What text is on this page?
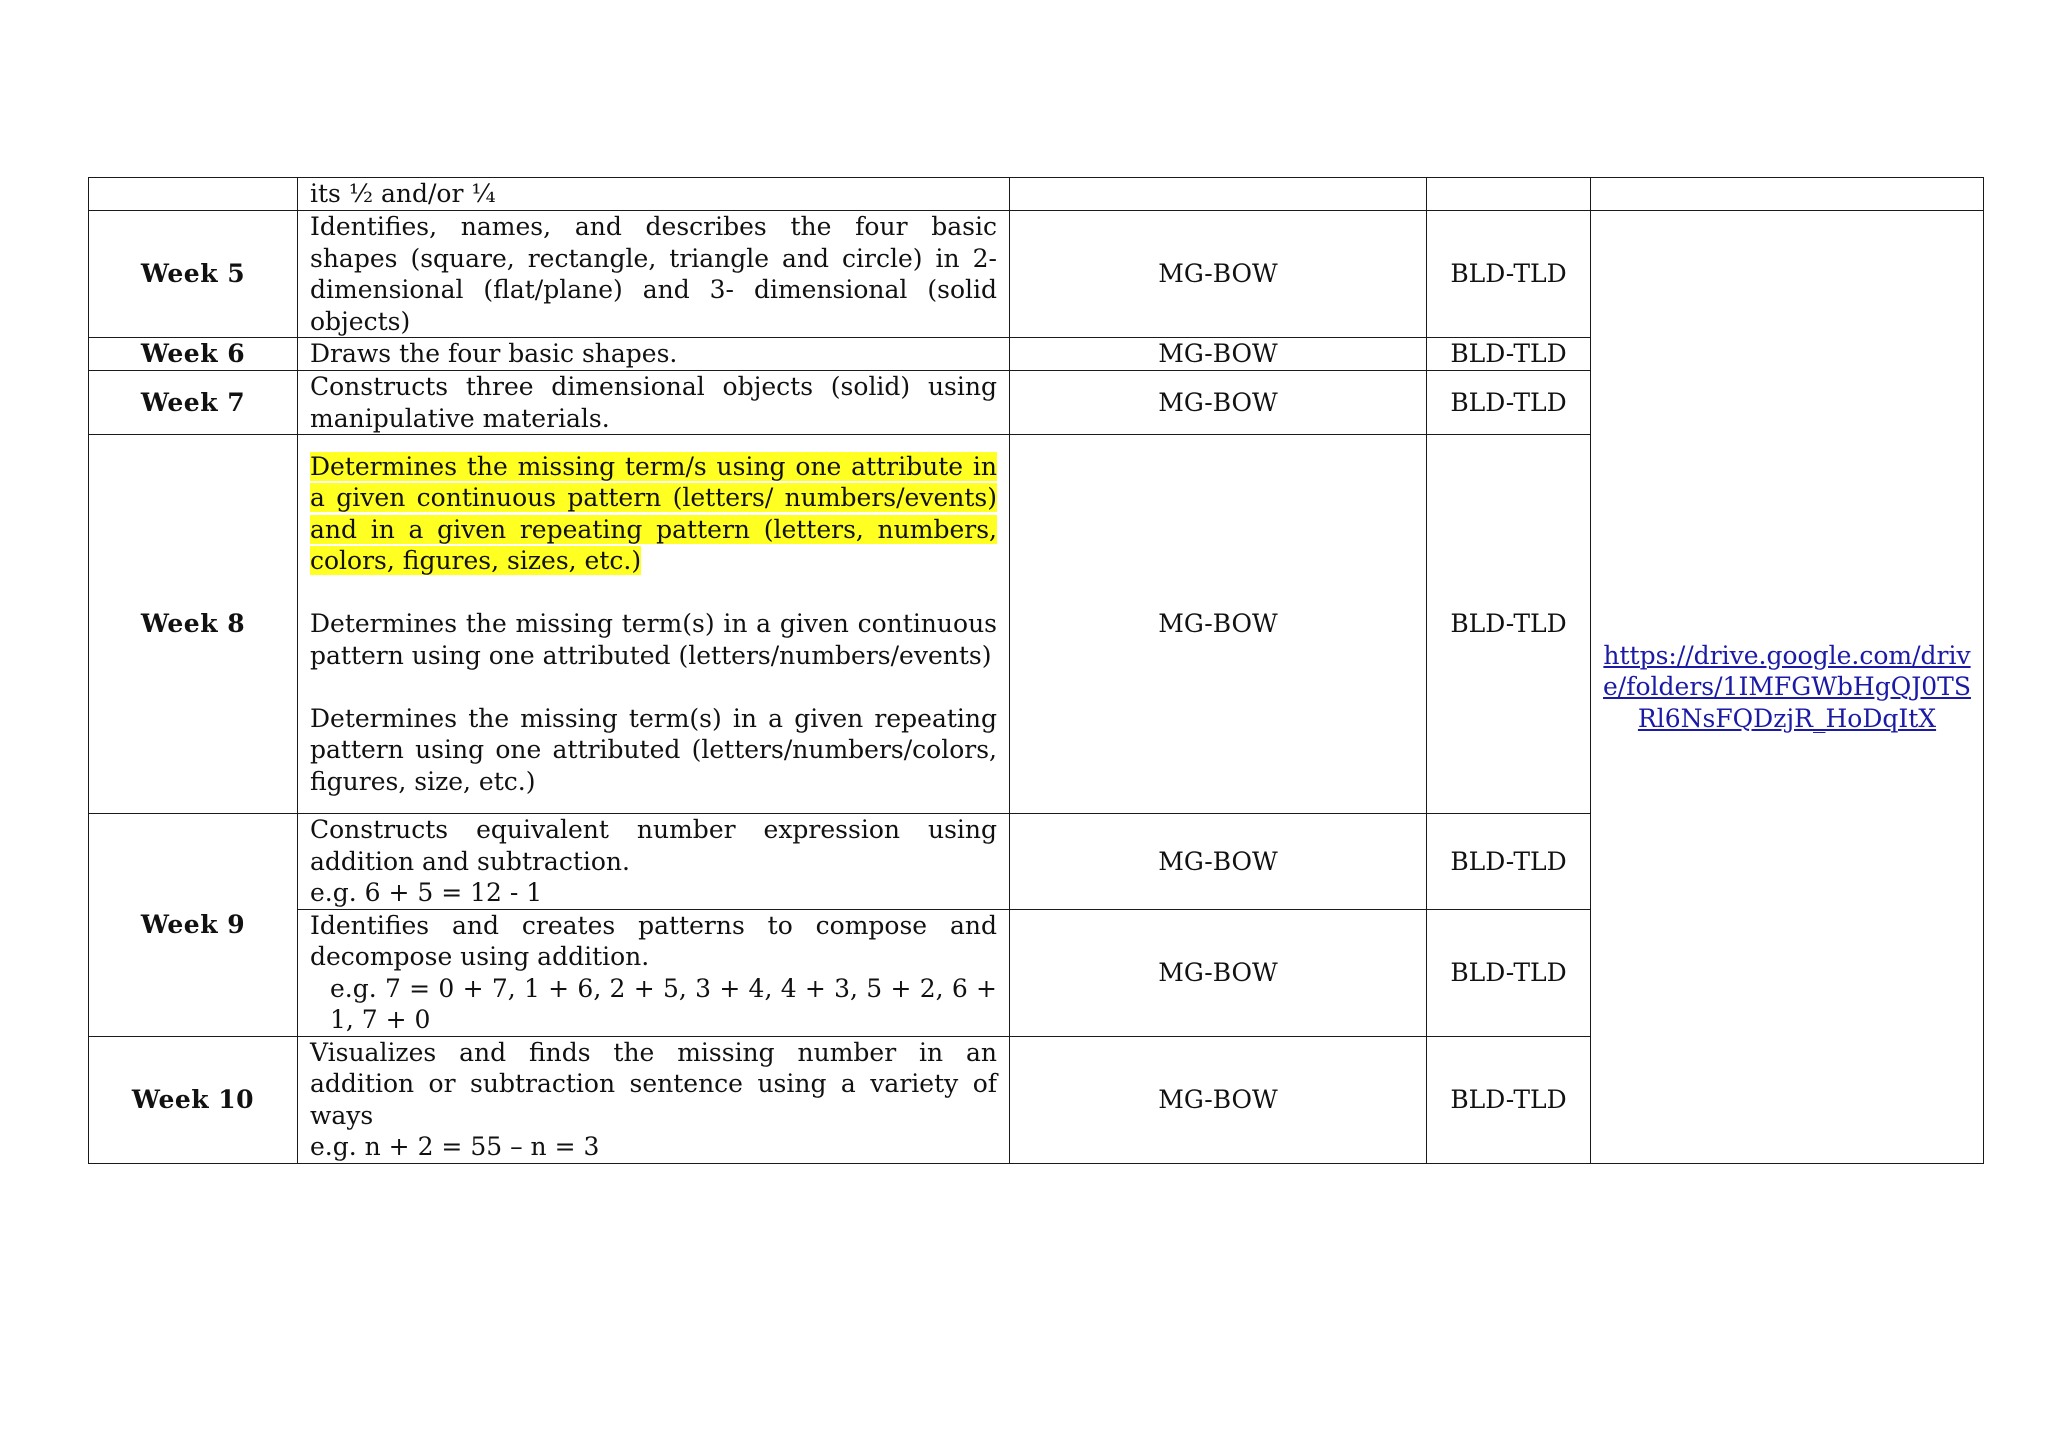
	its ½ and/or ¼			
Week 5	Identifies, names, and describes the four basic shapes (square, rectangle, triangle and circle) in 2-dimensional (flat/plane) and 3- dimensional (solid objects)	MG-BOW	BLD-TLD	https://drive.google.com/drive/folders/1IMFGWbHgQJ0TSRl6NsFQDzjR_HoDqItX
Week 6	Draws the four basic shapes.	MG-BOW	BLD-TLD	
Week 7	Constructs three dimensional objects (solid) using manipulative materials.	MG-BOW	BLD-TLD	
Week 8	Determines the missing term/s using one attribute in a given continuous pattern (letters/ numbers/events) and in a given repeating pattern (letters, numbers, colors, figures, sizes, etc.)
Determines the missing term(s) in a given continuous pattern using one attributed (letters/numbers/events)
Determines the missing term(s) in a given repeating pattern using one attributed (letters/numbers/colors, figures, size, etc.)	MG-BOW	BLD-TLD	
Week 9	Constructs equivalent number expression using addition and subtraction.
e.g. 6 + 5 = 12 - 1	MG-BOW	BLD-TLD	

	Identifies and creates patterns to compose and decompose using addition.
e.g. 7 = 0 + 7, 1 + 6, 2 + 5, 3 + 4, 4 + 3, 5 + 2, 6 + 1, 7 + 0	MG-BOW	BLD-TLD	
Week 10	Visualizes and finds the missing number in an addition or subtraction sentence using a variety of ways
e.g. n + 2 = 55 – n = 3	MG-BOW	BLD-TLD	
